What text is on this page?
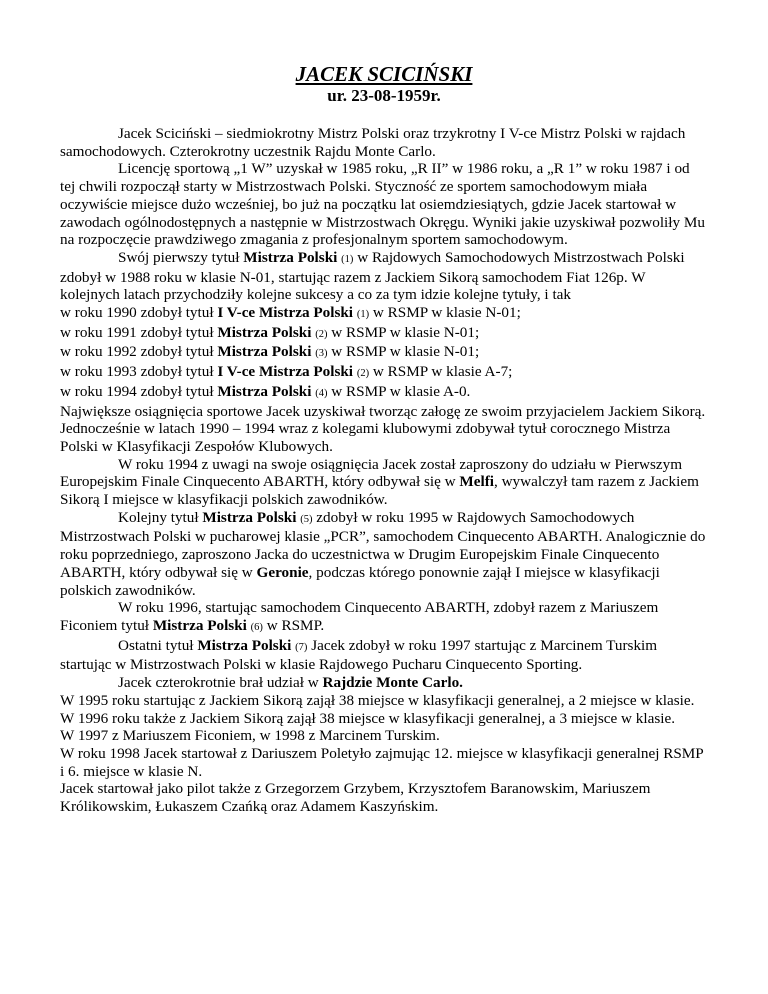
JACEK SCICIŃSKI
ur. 23-08-1959r.

Jacek Sciciński – siedmiokrotny Mistrz Polski oraz trzykrotny I V-ce Mistrz Polski w rajdach samochodowych. Czterokrotny uczestnik Rajdu Monte Carlo.

Licencję sportową „1 W” uzyskał w 1985 roku, „R II” w 1986 roku, a „R 1” w roku 1987 i od tej chwili rozpoczął starty w Mistrzostwach Polski. Styczność ze sportem samochodowym miała oczywiście miejsce dużo wcześniej, bo już na początku lat osiemdziesiątych, gdzie Jacek startował w zawodach ogólnodostępnych a następnie w Mistrzostwach Okręgu. Wyniki jakie uzyskiwał pozwoliły Mu na rozpoczęcie prawdziwego zmagania z profesjonalnym sportem samochodowym.

Swój pierwszy tytuł Mistrza Polski (1) w Rajdowych Samochodowych Mistrzostwach Polski zdobył w 1988 roku w klasie N-01, startując razem z Jackiem Sikorą samochodem Fiat 126p. W kolejnych latach przychodziły kolejne sukcesy a co za tym idzie kolejne tytuły, i tak

w roku 1990 zdobył tytuł I V-ce Mistrza Polski (1) w RSMP w klasie N-01;

w roku 1991 zdobył tytuł Mistrza Polski (2) w RSMP w klasie N-01;

w roku 1992 zdobył tytuł Mistrza Polski (3) w RSMP w klasie N-01;

w roku 1993 zdobył tytuł I V-ce Mistrza Polski (2) w RSMP w klasie A-7;

w roku 1994 zdobył tytuł Mistrza Polski (4) w RSMP w klasie A-0.

Największe osiągnięcia sportowe Jacek uzyskiwał tworząc załogę ze swoim przyjacielem Jackiem Sikorą.

Jednocześnie w latach 1990 – 1994 wraz z kolegami klubowymi zdobywał tytuł corocznego Mistrza Polski w Klasyfikacji Zespołów Klubowych.

W roku 1994 z uwagi na swoje osiągnięcia Jacek został zaproszony do udziału w Pierwszym Europejskim Finale Cinquecento ABARTH, który odbywał się w Melfi, wywalczył tam razem z Jackiem Sikorą I miejsce w klasyfikacji polskich zawodników.

Kolejny tytuł Mistrza Polski (5) zdobył w roku 1995 w Rajdowych Samochodowych Mistrzostwach Polski w pucharowej klasie „PCR”, samochodem Cinquecento ABARTH. Analogicznie do roku poprzedniego, zaproszono Jacka do uczestnictwa w Drugim Europejskim Finale Cinquecento ABARTH, który odbywał się w Geronie, podczas którego ponownie zajął I miejsce w klasyfikacji polskich zawodników.

W roku 1996, startując samochodem Cinquecento ABARTH, zdobył razem z Mariuszem Ficoniem tytuł Mistrza Polski (6) w RSMP.

Ostatni tytuł Mistrza Polski (7) Jacek zdobył w roku 1997 startując z Marcinem Turskim startując w Mistrzostwach Polski w klasie Rajdowego Pucharu Cinquecento Sporting.

Jacek czterokrotnie brał udział w Rajdzie Monte Carlo.

W 1995 roku startując z Jackiem Sikorą zajął 38 miejsce w klasyfikacji generalnej, a 2 miejsce w klasie.

W 1996 roku także z Jackiem Sikorą zajął 38 miejsce w klasyfikacji generalnej, a 3 miejsce w klasie.

W 1997 z Mariuszem Ficoniem, w 1998 z Marcinem Turskim.

W roku 1998 Jacek startował z Dariuszem Poletyło zajmując 12. miejsce w klasyfikacji generalnej RSMP i 6. miejsce w klasie N.

Jacek startował jako pilot także z Grzegorzem Grzybem, Krzysztofem Baranowskim, Mariuszem Królikowskim, Łukaszem Czańką oraz Adamem Kaszyńskim.
